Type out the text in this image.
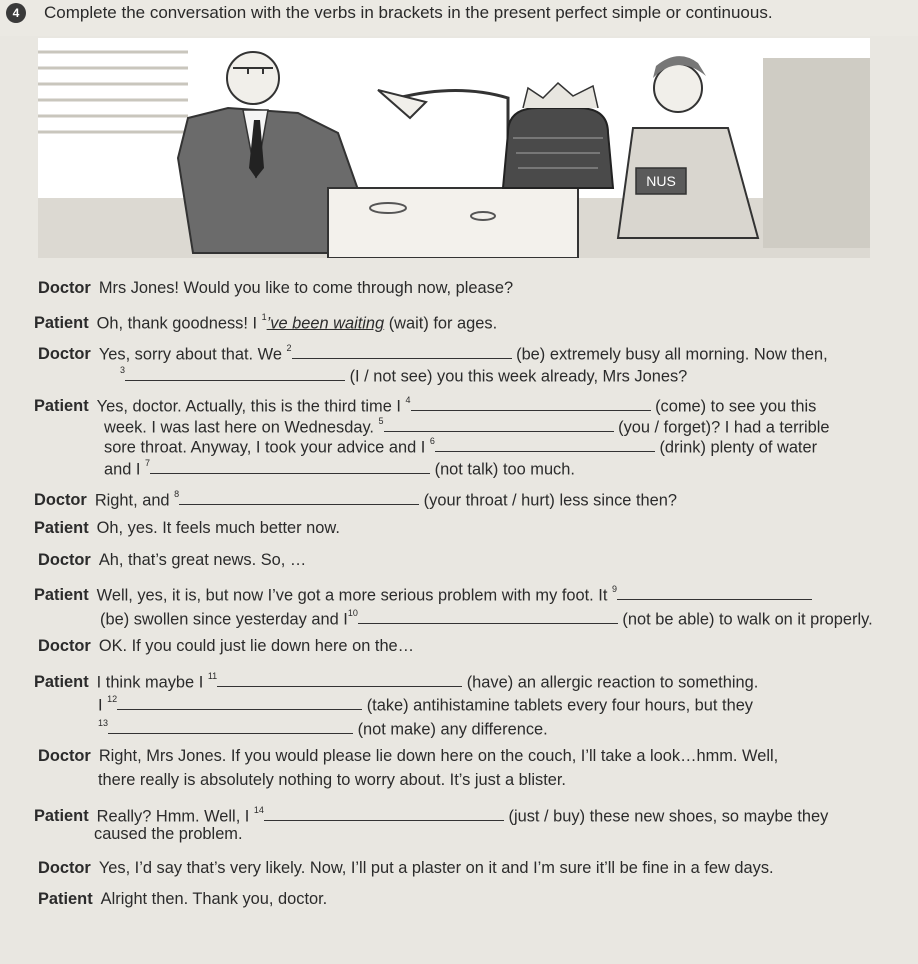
4	Complete the conversation with the verbs in brackets in the present perfect simple or continuous.
NUS
Doctor Mrs Jones! Would you like to come through now, please?
Patient Oh, thank goodness! I $^1$’ve been waiting (wait) for ages.
Doctor Yes, sorry about that. We $^2$	(be) extremely busy all morning. Now then,
$^3$	(I / not see) you this week already, Mrs Jones?
Patient Yes, doctor. Actually, this is the third time I $^4$	(come) to see you this
week. I was last here on Wednesday. $^5$	(you / forget)? I had a terrible
sore throat. Anyway, I took your advice and I $^6$	(drink) plenty of water
and I $^7$	(not talk) too much.
Doctor Right, and $^8$	(your throat / hurt) less since then?
Patient Oh, yes. It feels much better now.
Doctor Ah, that’s great news. So, …
Patient Well, yes, it is, but now I’ve got a more serious problem with my foot. It $^9$
(be) swollen since yesterday and $I^{10}$	(not be able) to walk on it properly.
Doctor OK. If you could just lie down here on the…
Patient I think maybe I $^{11}$	(have) an allergic reaction to something.
I $^{12}$	(take) antihistamine tablets every four hours, but they
$^{13}$	(not make) any difference.
Doctor Right, Mrs Jones. If you would please lie down here on the couch, I’ll take a look…hmm. Well,
there really is absolutely nothing to worry about. It’s just a blister.
Patient Really? Hmm. Well, I $^{14}$	(just / buy) these new shoes, so maybe they
caused the problem.
Doctor Yes, I’d say that’s very likely. Now, I’ll put a plaster on it and I’m sure it’ll be fine in a few days.
Patient Alright then. Thank you, doctor.
